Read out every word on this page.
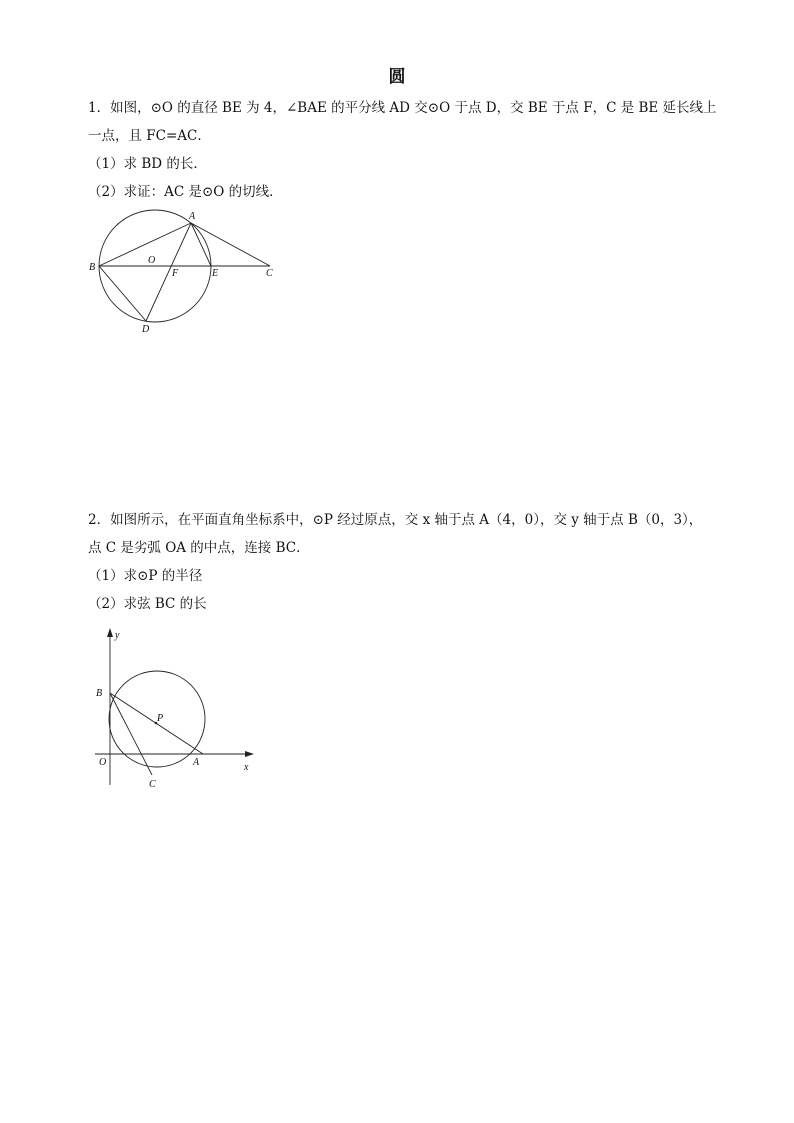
圆
1．如图，⊙O 的直径 BE 为 4，∠BAE 的平分线 AD 交⊙O 于点 D，交 BE 于点 F，C 是 BE 延长线上
一点，且 FC=AC．
（1）求 BD 的长．
（2）求证：AC 是⊙O 的切线．
A
B
O
F	E	C
D
2．如图所示，在平面直角坐标系中，⊙P 经过原点，交 x 轴于点 A（4，0），交 y 轴于点 B（0，3），
点 C 是劣弧 OA 的中点，连接 BC．
（1）求⊙P 的半径
（2）求弦 BC 的长
y
x
B
P
O	A
C
